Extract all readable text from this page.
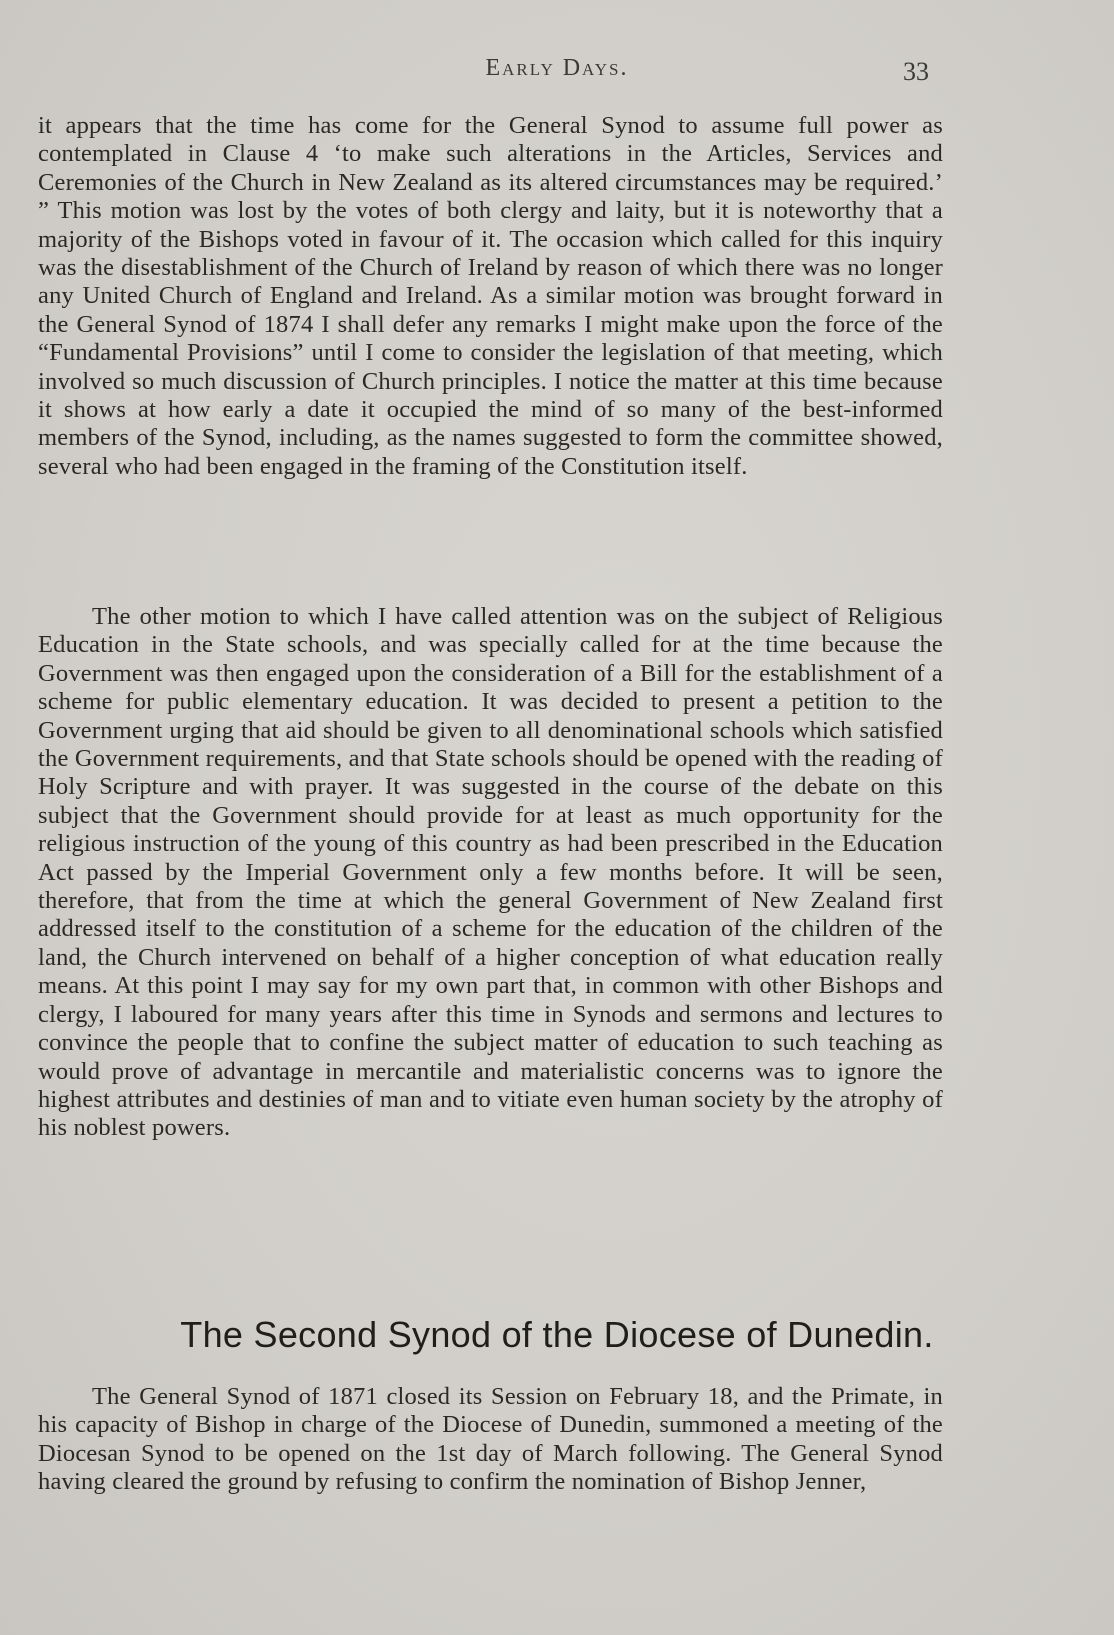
Early Days.	33

it appears that the time has come for the General Synod to assume full power as contemplated in Clause 4 ‘to make such alterations in the Articles, Services and Ceremonies of the Church in New Zealand as its altered circumstances may be required.’ ” This motion was lost by the votes of both clergy and laity, but it is noteworthy that a majority of the Bishops voted in favour of it. The occasion which called for this inquiry was the disestablishment of the Church of Ireland by reason of which there was no longer any United Church of England and Ireland. As a similar motion was brought forward in the General Synod of 1874 I shall defer any remarks I might make upon the force of the “Fundamental Provisions” until I come to consider the legislation of that meeting, which involved so much discussion of Church principles. I notice the matter at this time because it shows at how early a date it occupied the mind of so many of the best-informed members of the Synod, including, as the names suggested to form the committee showed, several who had been engaged in the framing of the Constitution itself.

The other motion to which I have called attention was on the subject of Religious Education in the State schools, and was specially called for at the time because the Government was then engaged upon the consideration of a Bill for the establishment of a scheme for public elementary education. It was decided to present a petition to the Government urging that aid should be given to all denominational schools which satisfied the Government requirements, and that State schools should be opened with the reading of Holy Scripture and with prayer. It was suggested in the course of the debate on this subject that the Government should provide for at least as much opportunity for the religious instruction of the young of this country as had been prescribed in the Education Act passed by the Imperial Government only a few months before. It will be seen, therefore, that from the time at which the general Government of New Zealand first addressed itself to the constitution of a scheme for the education of the children of the land, the Church intervened on behalf of a higher conception of what education really means. At this point I may say for my own part that, in common with other Bishops and clergy, I laboured for many years after this time in Synods and sermons and lectures to convince the people that to confine the subject matter of education to such teaching as would prove of advantage in mercantile and materialistic concerns was to ignore the highest attributes and destinies of man and to vitiate even human society by the atrophy of his noblest powers.

The Second Synod of the Diocese of Dunedin.

The General Synod of 1871 closed its Session on February 18, and the Primate, in his capacity of Bishop in charge of the Diocese of Dunedin, summoned a meeting of the Diocesan Synod to be opened on the 1st day of March following. The General Synod having cleared the ground by refusing to confirm the nomination of Bishop Jenner,
